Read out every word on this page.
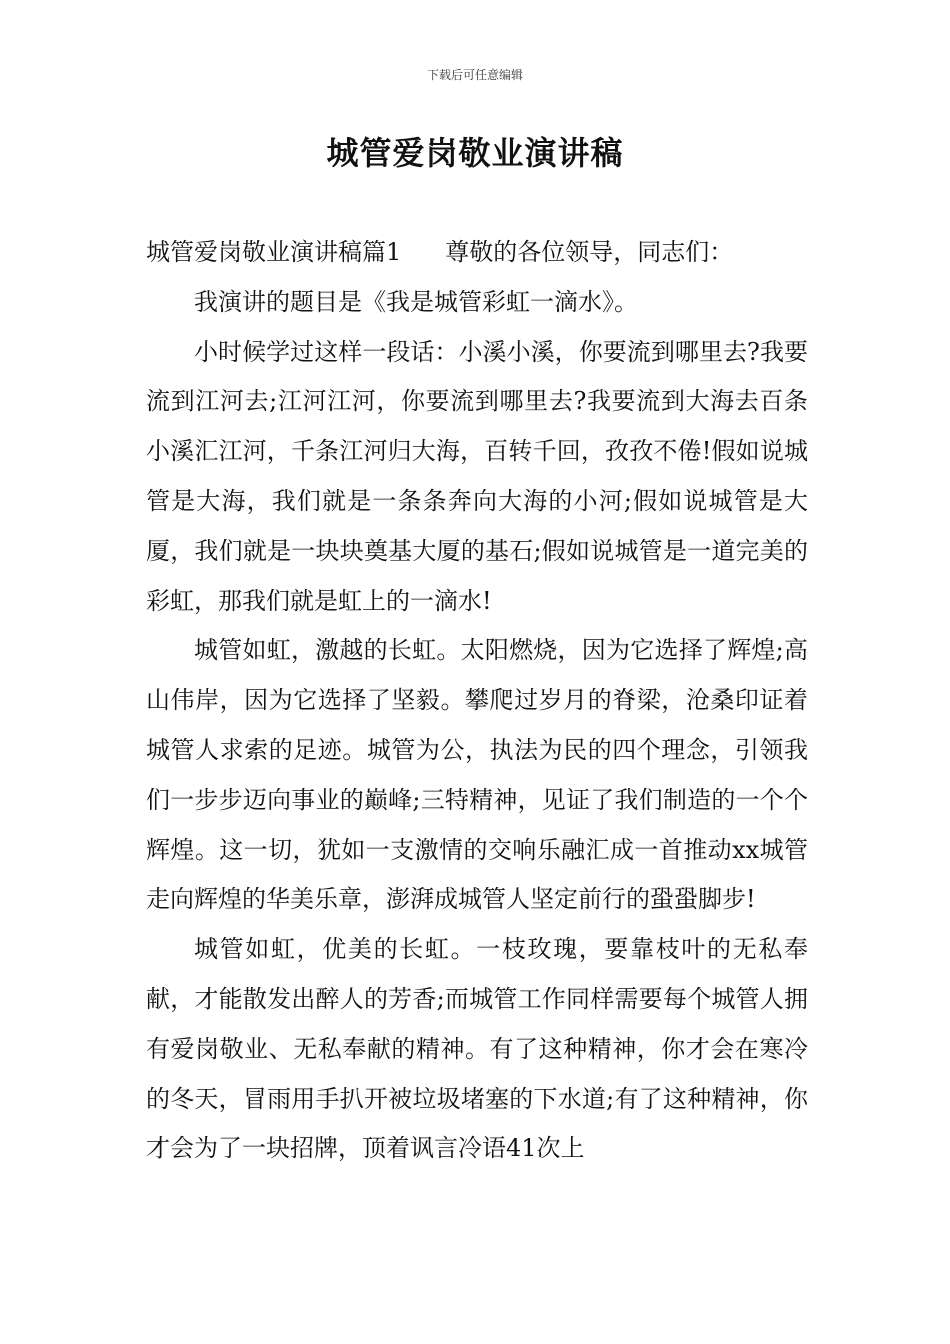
下载后可任意编辑
城管爱岗敬业演讲稿

城管爱岗敬业演讲稿篇1 尊敬的各位领导，同志们：

我演讲的题目是《我是城管彩虹一滴水》。

小时候学过这样一段话：小溪小溪，你要流到哪里去?我要流到江河去;江河江河，你要流到哪里去?我要流到大海去百条小溪汇江河，千条江河归大海，百转千回，孜孜不倦!假如说城管是大海，我们就是一条条奔向大海的小河;假如说城管是大厦，我们就是一块块奠基大厦的基石;假如说城管是一道完美的彩虹，那我们就是虹上的一滴水!

城管如虹，激越的长虹。太阳燃烧，因为它选择了辉煌;高山伟岸，因为它选择了坚毅。攀爬过岁月的脊梁，沧桑印证着城管人求索的足迹。城管为公，执法为民的四个理念，引领我们一步步迈向事业的巅峰;三特精神，见证了我们制造的一个个辉煌。这一切，犹如一支激情的交响乐融汇成一首推动xx城管走向辉煌的华美乐章，澎湃成城管人坚定前行的蛩蛩脚步!

城管如虹，优美的长虹。一枝玫瑰，要靠枝叶的无私奉献，才能散发出醉人的芳香;而城管工作同样需要每个城管人拥有爱岗敬业、无私奉献的精神。有了这种精神，你才会在寒冷的冬天，冒雨用手扒开被垃圾堵塞的下水道;有了这种精神，你才会为了一块招牌，顶着讽言冷语41次上
